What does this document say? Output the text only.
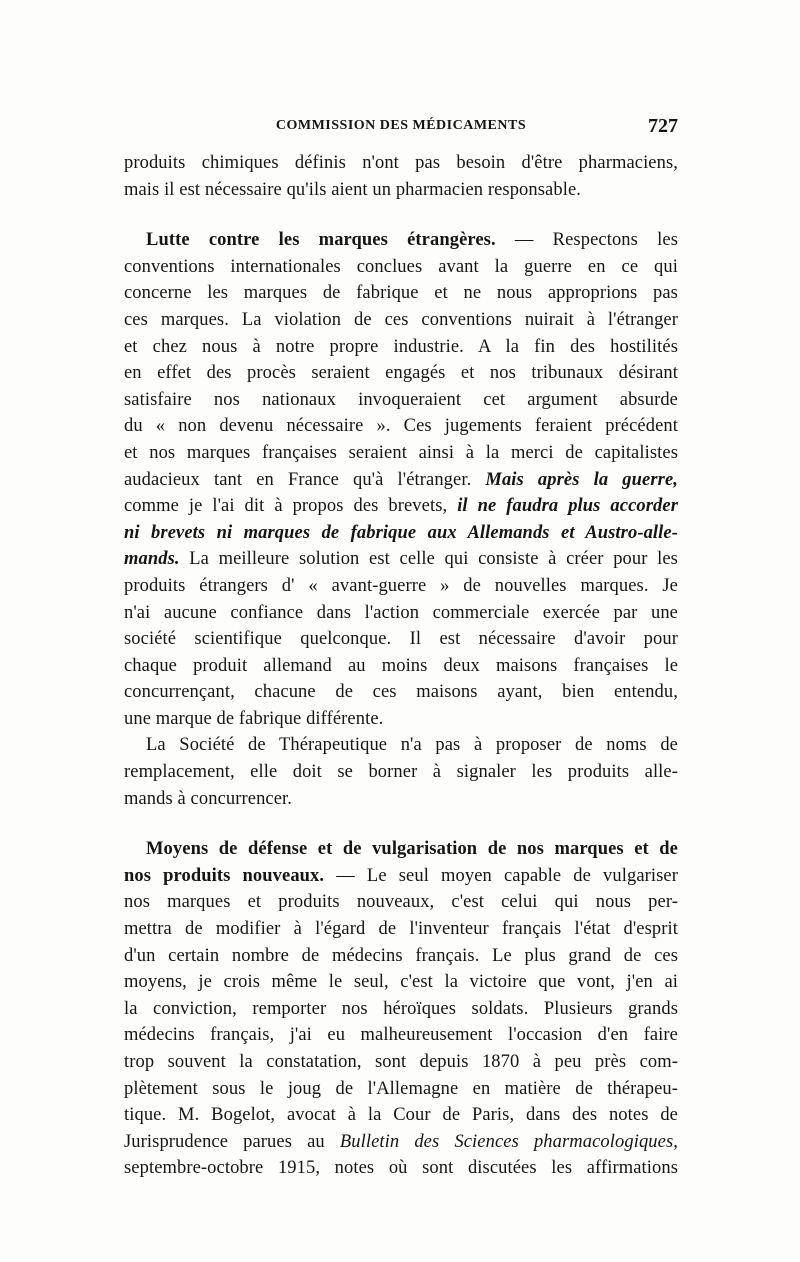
COMMISSION DES MÉDICAMENTS	727
produits chimiques définis n'ont pas besoin d'être pharmaciens,
mais il est nécessaire qu'ils aient un pharmacien responsable.
Lutte contre les marques étrangères. — Respectons les
conventions internationales conclues avant la guerre en ce qui
concerne les marques de fabrique et ne nous approprions pas
ces marques. La violation de ces conventions nuirait à l'étranger
et chez nous à notre propre industrie. A la fin des hostilités
en effet des procès seraient engagés et nos tribunaux désirant
satisfaire nos nationaux invoqueraient cet argument absurde
du « non devenu nécessaire ». Ces jugements feraient précédent
et nos marques françaises seraient ainsi à la merci de capitalistes
audacieux tant en France qu'à l'étranger. Mais après la guerre,
comme je l'ai dit à propos des brevets, il ne faudra plus accorder
ni brevets ni marques de fabrique aux Allemands et Austro-alle-
mands. La meilleure solution est celle qui consiste à créer pour les
produits étrangers d' « avant-guerre » de nouvelles marques. Je
n'ai aucune confiance dans l'action commerciale exercée par une
société scientifique quelconque. Il est nécessaire d'avoir pour
chaque produit allemand au moins deux maisons françaises le
concurrençant, chacune de ces maisons ayant, bien entendu,
une marque de fabrique différente.
La Société de Thérapeutique n'a pas à proposer de noms de
remplacement, elle doit se borner à signaler les produits alle-
mands à concurrencer.
Moyens de défense et de vulgarisation de nos marques et de
nos produits nouveaux. — Le seul moyen capable de vulgariser
nos marques et produits nouveaux, c'est celui qui nous per-
mettra de modifier à l'égard de l'inventeur français l'état d'esprit
d'un certain nombre de médecins français. Le plus grand de ces
moyens, je crois même le seul, c'est la victoire que vont, j'en ai
la conviction, remporter nos héroïques soldats. Plusieurs grands
médecins français, j'ai eu malheureusement l'occasion d'en faire
trop souvent la constatation, sont depuis 1870 à peu près com-
plètement sous le joug de l'Allemagne en matière de thérapeu-
tique. M. Bogelot, avocat à la Cour de Paris, dans des notes de
Jurisprudence parues au Bulletin des Sciences pharmacologiques,
septembre-octobre 1915, notes où sont discutées les affirmations
